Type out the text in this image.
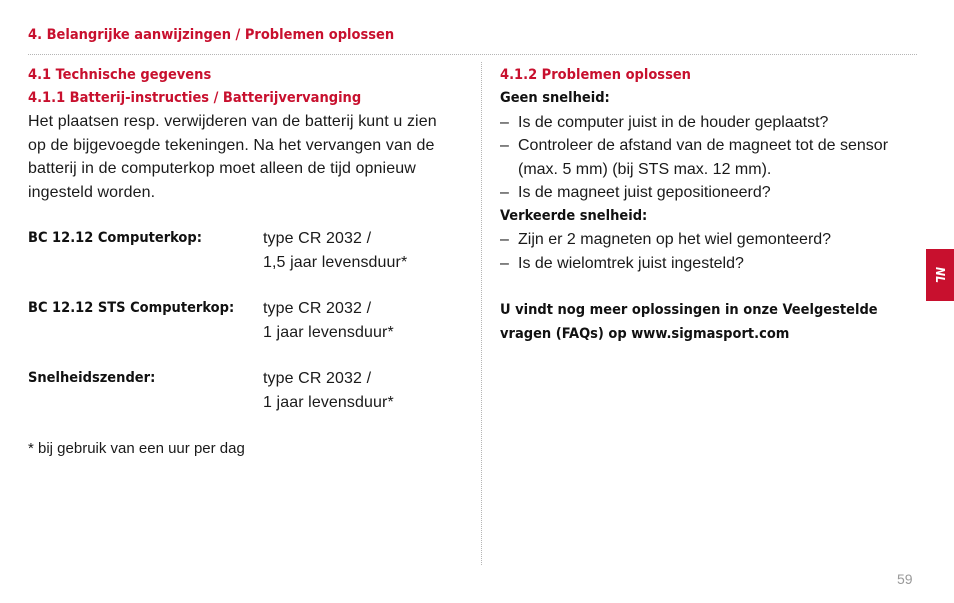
4. Belangrijke aanwijzingen / Problemen oplossen
4.1 Technische gegevens
4.1.1 Batterij-instructies / Batterijvervanging
Het plaatsen resp. verwijderen van de batterij kunt u zien op de bijgevoegde tekeningen. Na het vervangen van de batterij in de computerkop moet alleen de tijd opnieuw ingesteld worden.
BC 12.12 Computerkop:	type CR 2032 /
1,5 jaar levensduur*
BC 12.12 STS Computerkop:	type CR 2032 /
1 jaar levensduur*
Snelheidszender:	type CR 2032 /
1 jaar levensduur*
* bij gebruik van een uur per dag
4.1.2 Problemen oplossen
Geen snelheid:
– Is de computer juist in de houder geplaatst?
– Controleer de afstand van de magneet tot de sensor (max. 5 mm) (bij STS max. 12 mm).
– Is de magneet juist gepositioneerd?
Verkeerde snelheid:
– Zijn er 2 magneten op het wiel gemonteerd?
– Is de wielomtrek juist ingesteld?
U vindt nog meer oplossingen in onze Veelgestelde vragen (FAQs) op www.sigmasport.com
NL
59
